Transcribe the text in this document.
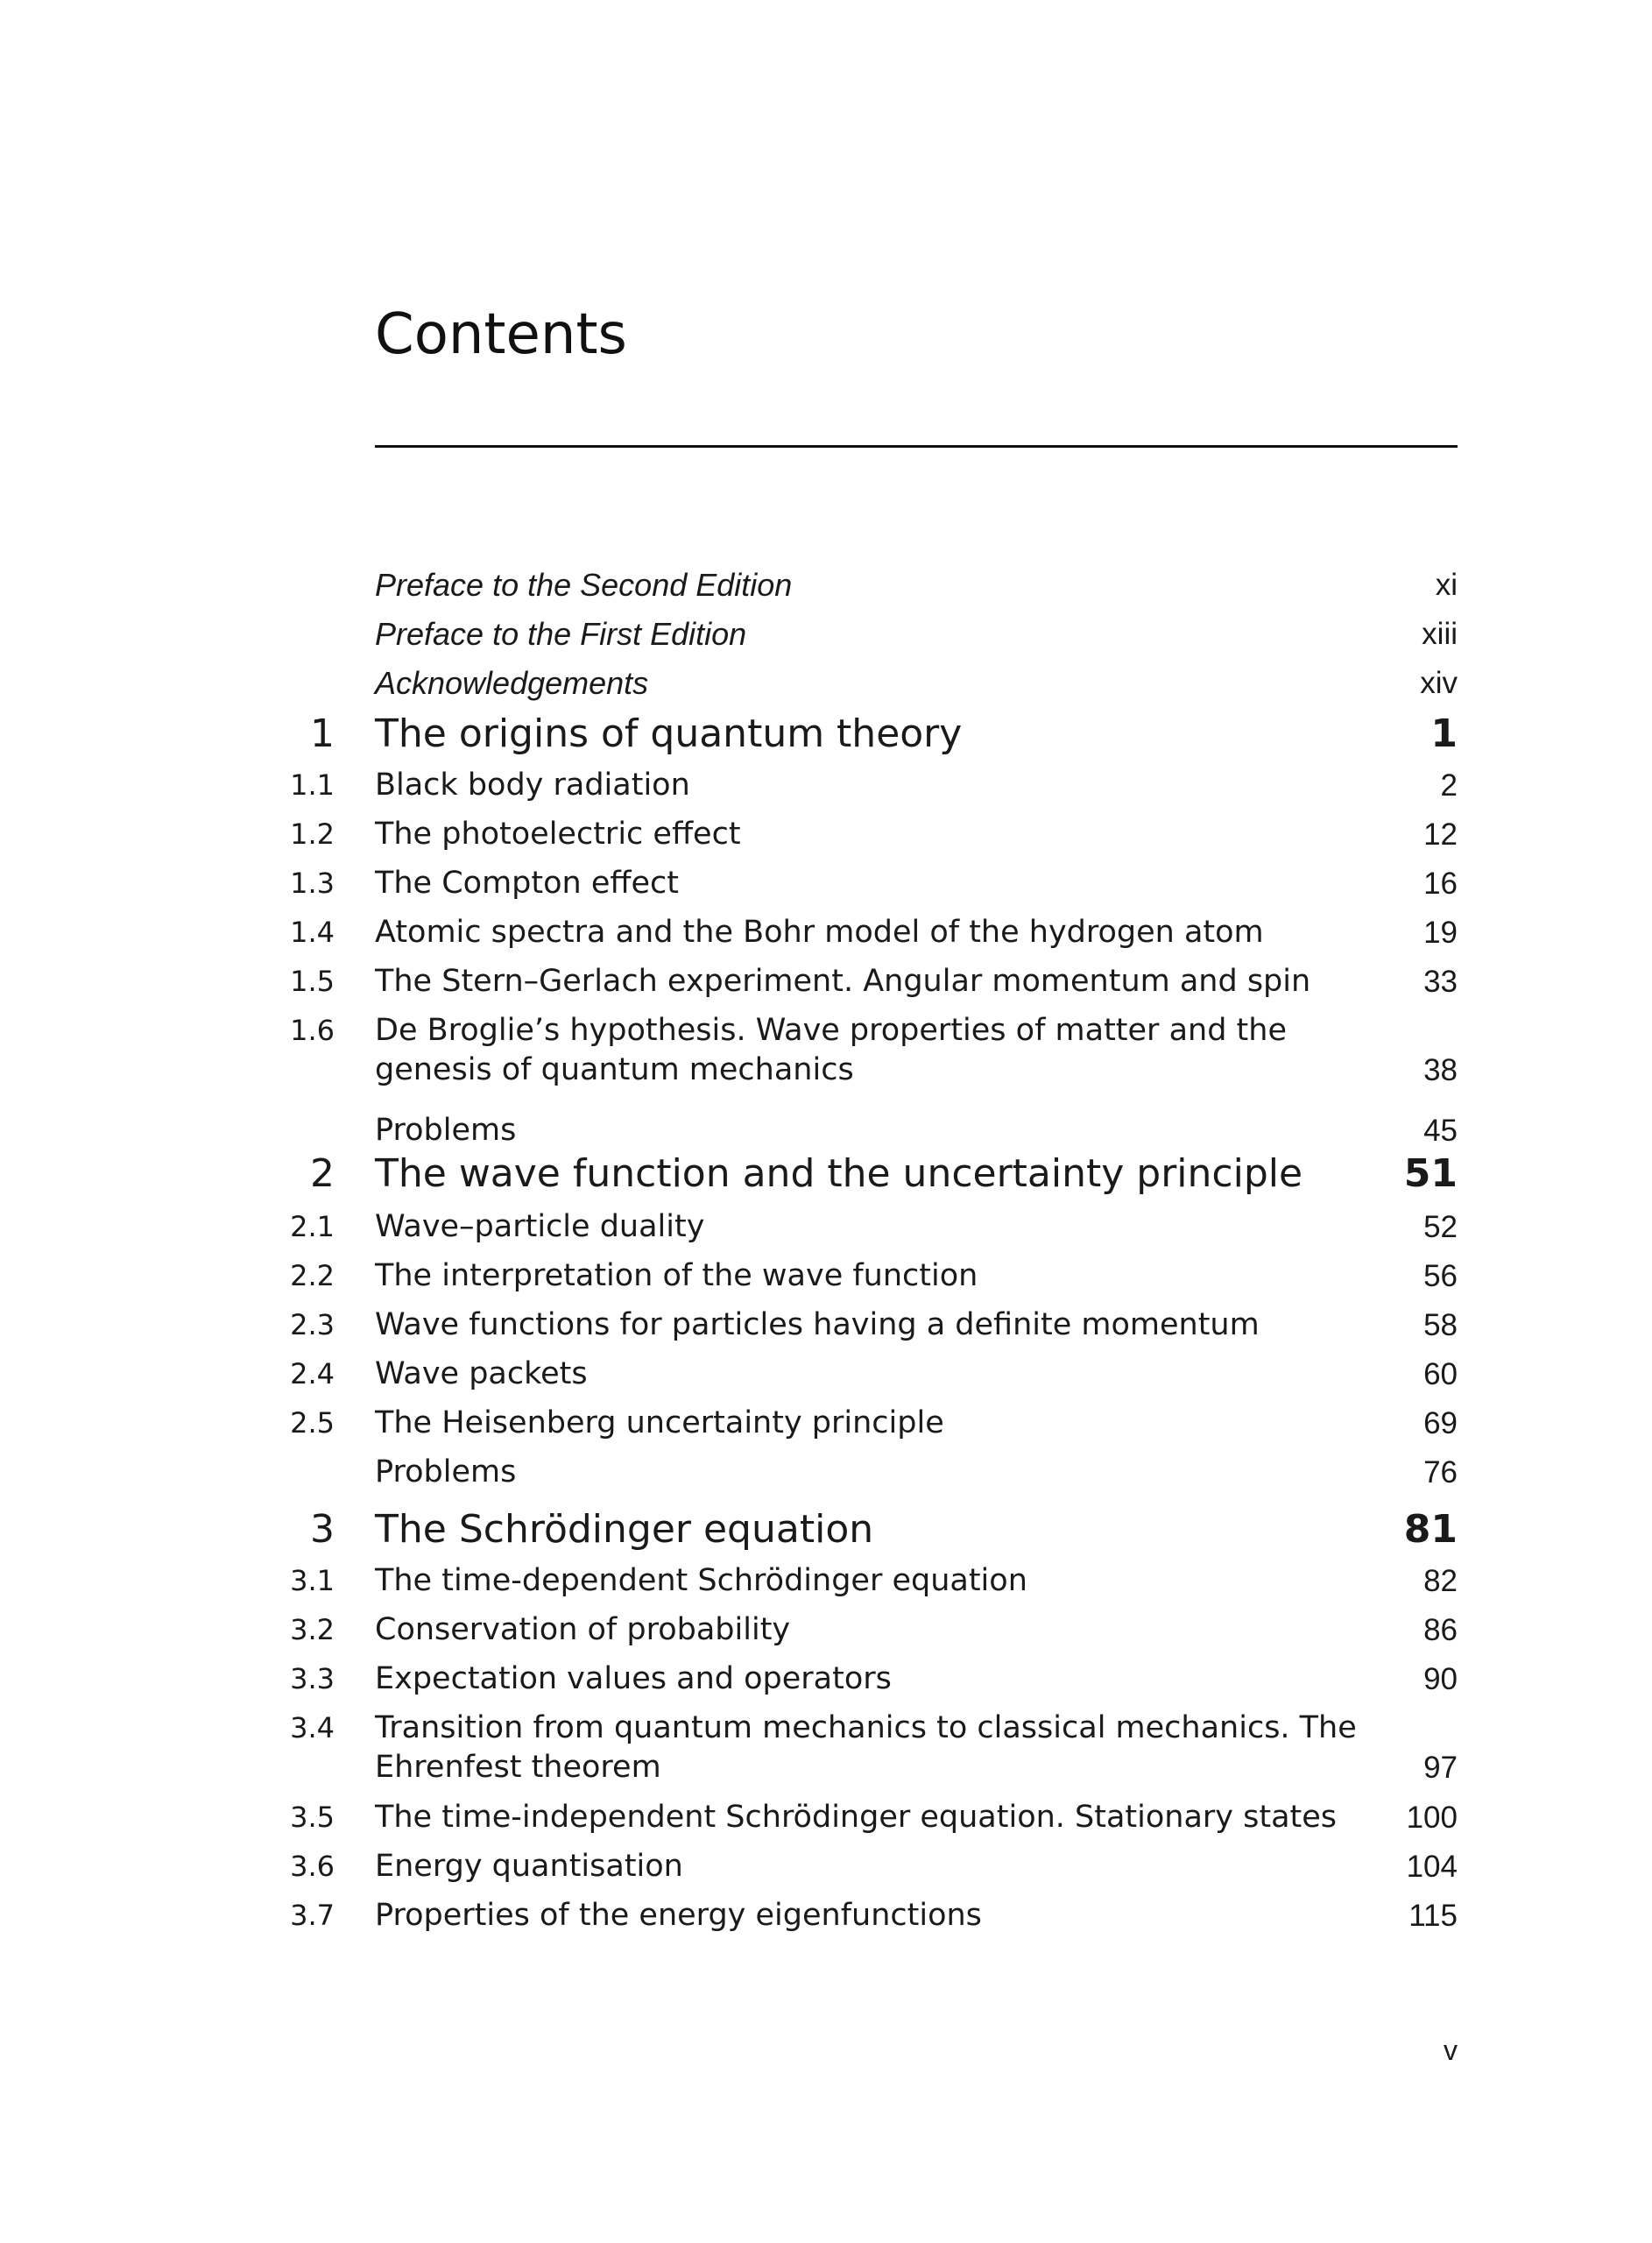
Contents
Preface to the Second Edition	xi
Preface to the First Edition	xiii
Acknowledgements	xiv
1 The origins of quantum theory	1
1.1 Black body radiation	2
1.2 The photoelectric effect	12
1.3 The Compton effect	16
1.4 Atomic spectra and the Bohr model of the hydrogen atom	19
1.5 The Stern–Gerlach experiment. Angular momentum and spin	33
1.6 De Broglie’s hypothesis. Wave properties of matter and the
genesis of quantum mechanics	38
Problems	45
2 The wave function and the uncertainty principle	51
2.1 Wave–particle duality	52
2.2 The interpretation of the wave function	56
2.3 Wave functions for particles having a definite momentum	58
2.4 Wave packets	60
2.5 The Heisenberg uncertainty principle	69
Problems	76
3 The Schrödinger equation	81
3.1 The time-dependent Schrödinger equation	82
3.2 Conservation of probability	86
3.3 Expectation values and operators	90
3.4 Transition from quantum mechanics to classical mechanics. The
Ehrenfest theorem	97
3.5 The time-independent Schrödinger equation. Stationary states	100
3.6 Energy quantisation	104
3.7 Properties of the energy eigenfunctions	115
v
